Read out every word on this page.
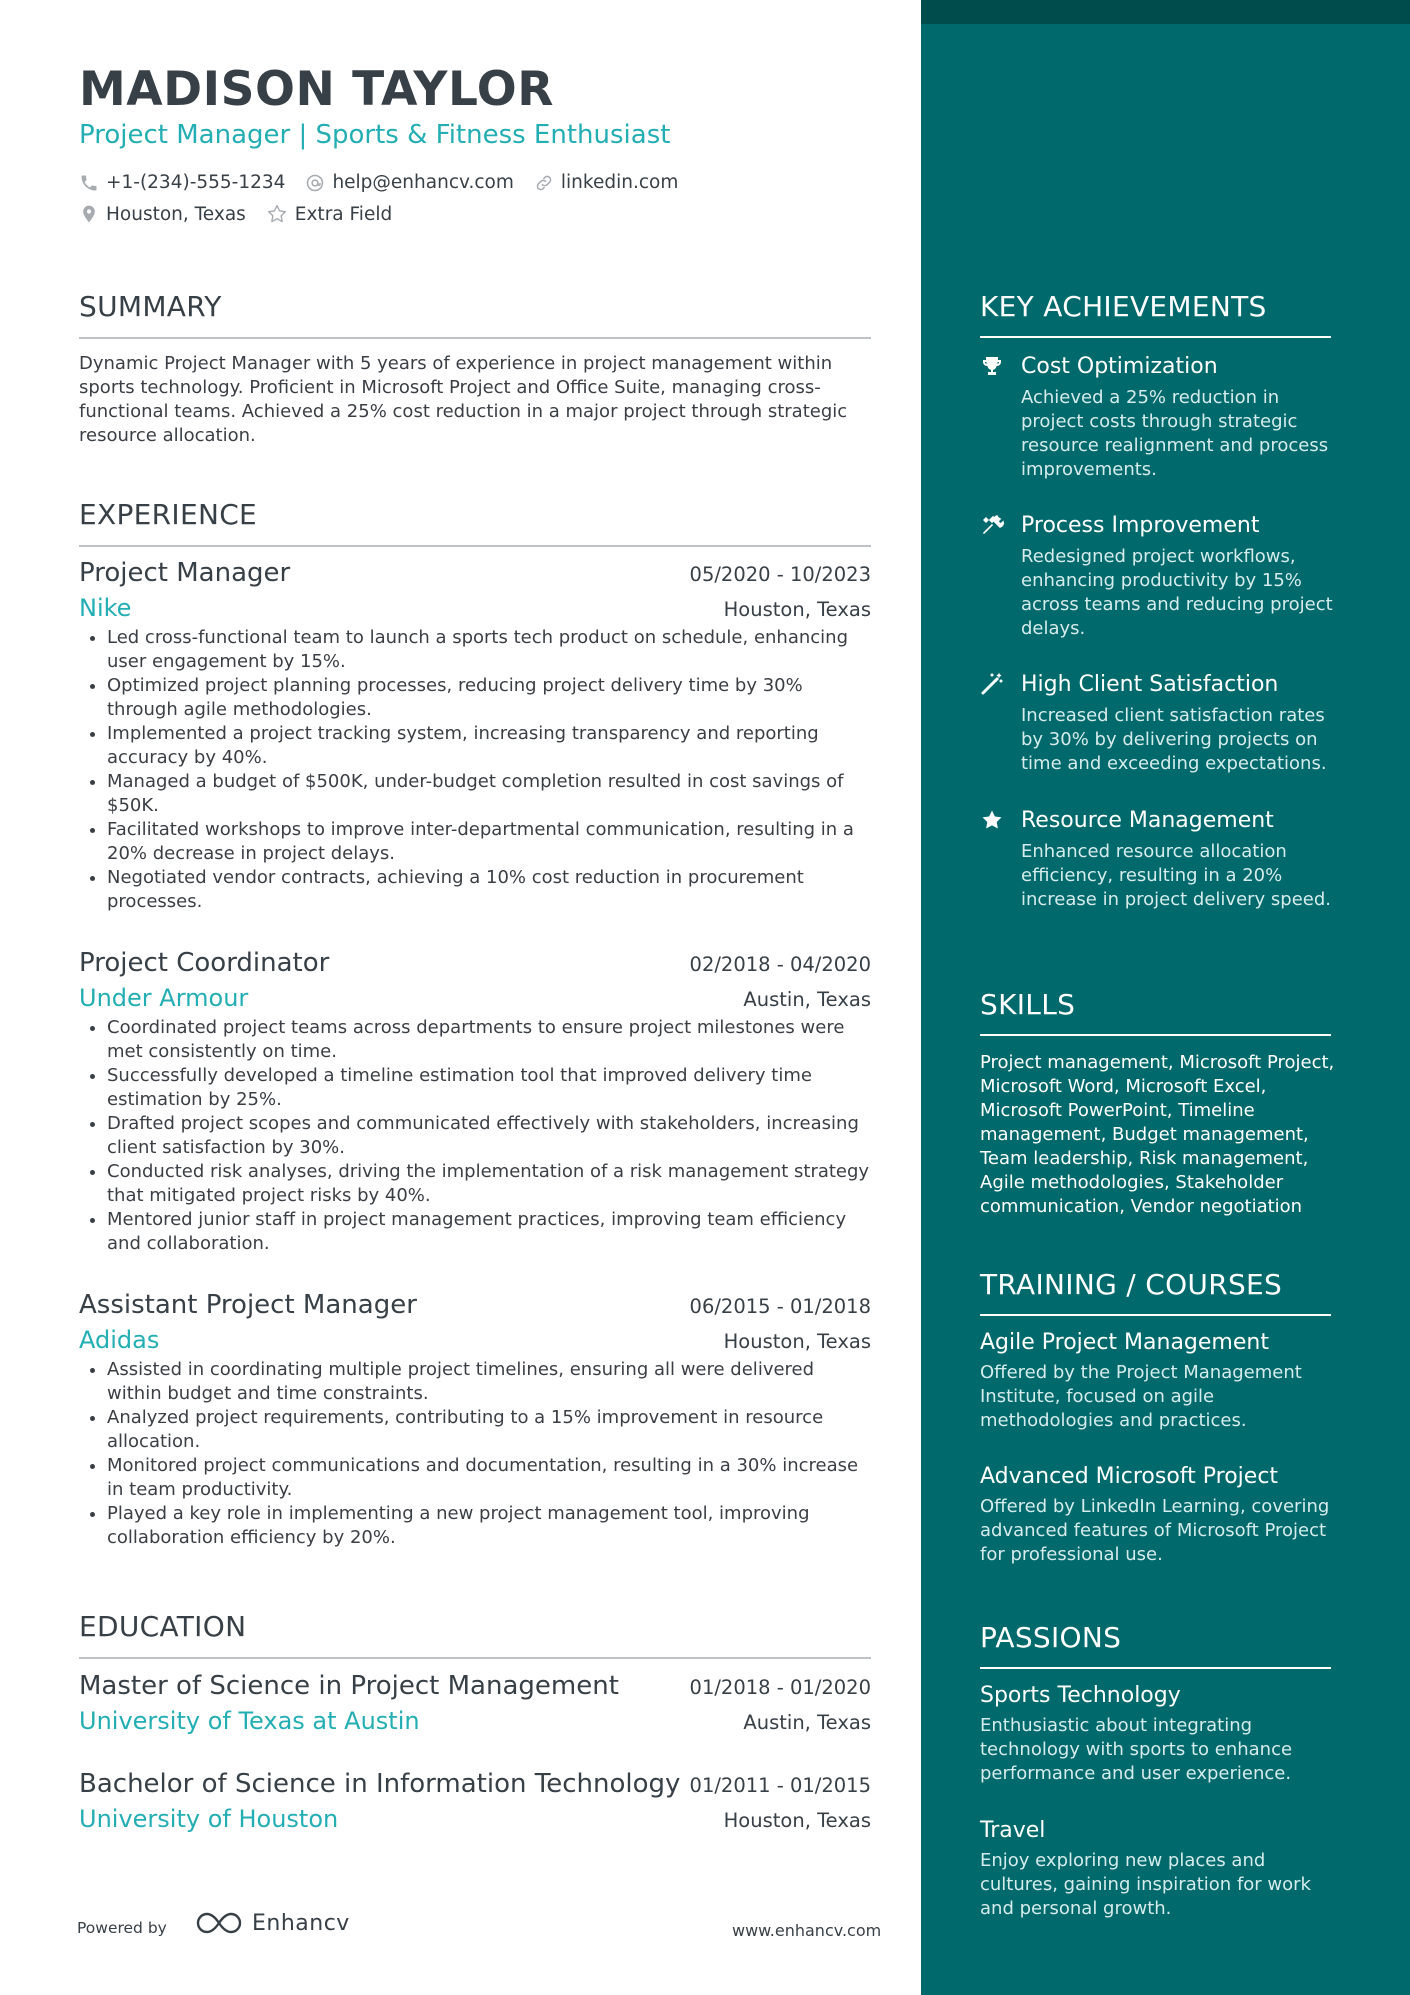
MADISON TAYLOR
Project Manager | Sports & Fitness Enthusiast
+1-(234)-555-1234	help@enhancv.com	linkedin.com
Houston, Texas	Extra Field
SUMMARY
Dynamic Project Manager with 5 years of experience in project management within sports technology. Proficient in Microsoft Project and Office Suite, managing cross-functional teams. Achieved a 25% cost reduction in a major project through strategic resource allocation.
EXPERIENCE
Project Manager	05/2020 - 10/2023
Nike	Houston, Texas
• Led cross-functional team to launch a sports tech product on schedule, enhancing user engagement by 15%.
• Optimized project planning processes, reducing project delivery time by 30% through agile methodologies.
• Implemented a project tracking system, increasing transparency and reporting accuracy by 40%.
• Managed a budget of $500K, under-budget completion resulted in cost savings of $50K.
• Facilitated workshops to improve inter-departmental communication, resulting in a 20% decrease in project delays.
• Negotiated vendor contracts, achieving a 10% cost reduction in procurement processes.
Project Coordinator	02/2018 - 04/2020
Under Armour	Austin, Texas
• Coordinated project teams across departments to ensure project milestones were met consistently on time.
• Successfully developed a timeline estimation tool that improved delivery time estimation by 25%.
• Drafted project scopes and communicated effectively with stakeholders, increasing client satisfaction by 30%.
• Conducted risk analyses, driving the implementation of a risk management strategy that mitigated project risks by 40%.
• Mentored junior staff in project management practices, improving team efficiency and collaboration.
Assistant Project Manager	06/2015 - 01/2018
Adidas	Houston, Texas
• Assisted in coordinating multiple project timelines, ensuring all were delivered within budget and time constraints.
• Analyzed project requirements, contributing to a 15% improvement in resource allocation.
• Monitored project communications and documentation, resulting in a 30% increase in team productivity.
• Played a key role in implementing a new project management tool, improving collaboration efficiency by 20%.
EDUCATION
Master of Science in Project Management	01/2018 - 01/2020
University of Texas at Austin	Austin, Texas
Bachelor of Science in Information Technology 01/2011 - 01/2015
University of Houston	Houston, Texas
Powered by	Enhancv	www.enhancv.com
KEY ACHIEVEMENTS
Cost Optimization
Achieved a 25% reduction in project costs through strategic resource realignment and process improvements.
Process Improvement
Redesigned project workflows, enhancing productivity by 15% across teams and reducing project delays.
High Client Satisfaction
Increased client satisfaction rates by 30% by delivering projects on time and exceeding expectations.
Resource Management
Enhanced resource allocation efficiency, resulting in a 20% increase in project delivery speed.
SKILLS
Project management, Microsoft Project, Microsoft Word, Microsoft Excel, Microsoft PowerPoint, Timeline management, Budget management, Team leadership, Risk management, Agile methodologies, Stakeholder communication, Vendor negotiation
TRAINING / COURSES
Agile Project Management
Offered by the Project Management Institute, focused on agile methodologies and practices.
Advanced Microsoft Project
Offered by LinkedIn Learning, covering advanced features of Microsoft Project for professional use.
PASSIONS
Sports Technology
Enthusiastic about integrating technology with sports to enhance performance and user experience.
Travel
Enjoy exploring new places and cultures, gaining inspiration for work and personal growth.
